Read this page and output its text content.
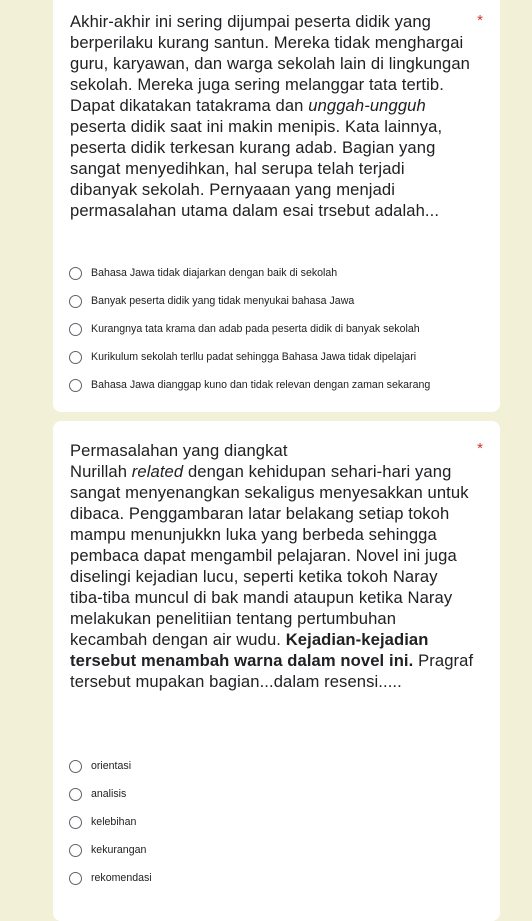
Akhir-akhir ini sering dijumpai peserta didik yang berperilaku kurang santun. Mereka tidak menghargai guru, karyawan, dan warga sekolah lain di lingkungan sekolah. Mereka juga sering melanggar tata tertib. Dapat dikatakan tatakrama dan unggah-ungguh peserta didik saat ini makin menipis. Kata lainnya, peserta didik terkesan kurang adab. Bagian yang sangat menyedihkan, hal serupa telah terjadi dibanyak sekolah. Pernyaaan yang menjadi permasalahan utama dalam esai trsebut adalah...
*
Bahasa Jawa tidak diajarkan dengan baik di sekolah
Banyak peserta didik yang tidak menyukai bahasa Jawa
Kurangnya tata krama dan adab pada peserta didik di banyak sekolah
Kurikulum sekolah terllu padat sehingga Bahasa Jawa tidak dipelajari
Bahasa Jawa dianggap kuno dan tidak relevan dengan zaman sekarang
Permasalahan yang diangkat
Nurillah related dengan kehidupan sehari-hari yang sangat menyenangkan sekaligus menyesakkan untuk dibaca. Penggambaran latar belakang setiap tokoh mampu menunjukkn luka yang berbeda sehingga pembaca dapat mengambil pelajaran. Novel ini juga diselingi kejadian lucu, seperti ketika tokoh Naray tiba-tiba muncul di bak mandi ataupun ketika Naray melakukan penelitiian tentang pertumbuhan kecambah dengan air wudu. Kejadian-kejadian tersebut menambah warna dalam novel ini. Pragraf tersebut mupakan bagian...dalam resensi.....
*
orientasi
analisis
kelebihan
kekurangan
rekomendasi
